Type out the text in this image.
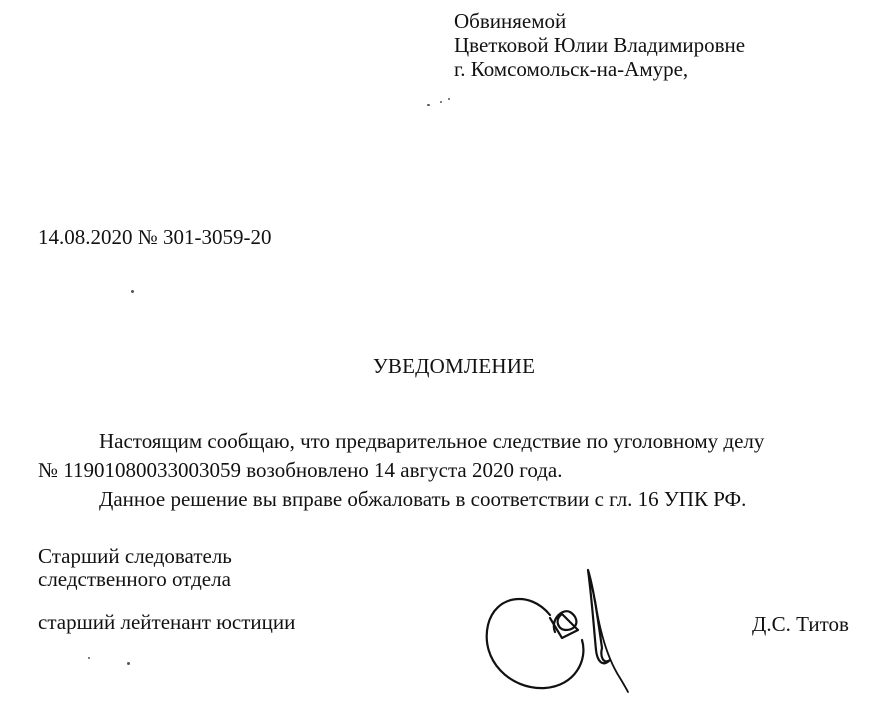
Обвиняемой
Цветковой Юлии Владимировне
г. Комсомольск-на-Амуре,
14.08.2020 № 301-3059-20
УВЕДОМЛЕНИЕ
Настоящим сообщаю, что предварительное следствие по уголовному делу
№ 11901080033003059 возобновлено 14 августа 2020 года.
Данное решение вы вправе обжаловать в соответствии с гл. 16 УПК РФ.
Старший следователь
следственного отдела
старший лейтенант юстиции	Д.С. Титов
